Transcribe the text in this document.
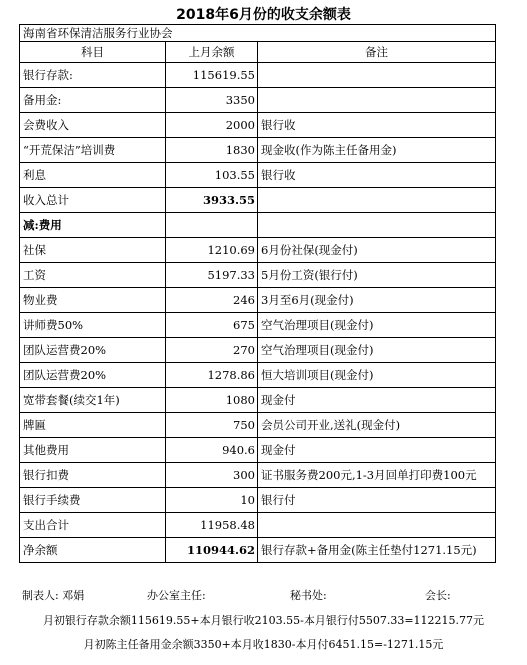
2018年6月份的收支余额表
海南省环保清洁服务行业协会		
科目	上月余额	备注
银行存款:	115619.55	
备用金:	3350	
会费收入	2000	银行收
“开荒保洁”培训费	1830	现金收(作为陈主任备用金)
利息	103.55	银行收
收入总计	3933.55	
减:费用		
社保	1210.69	6月份社保(现金付)
工资	5197.33	5月份工资(银行付)
物业费	246	3月至6月(现金付)
讲师费50%	675	空气治理项目(现金付)
团队运营费20%	270	空气治理项目(现金付)
团队运营费20%	1278.86	恒大培训项目(现金付)
宽带套餐(续交1年)	1080	现金付
牌匾	750	会员公司开业,送礼(现金付)
其他费用	940.6	现金付
银行扣费	300	证书服务费200元,1-3月回单打印费100元
银行手续费	10	银行付
支出合计	11958.48	
净余额	110944.62	银行存款+备用金(陈主任垫付1271.15元)
制表人: 邓娟	办公室主任:	秘书处:	会长:
月初银行存款余额115619.55+本月银行收2103.55-本月银行付5507.33=112215.77元
月初陈主任备用金余额3350+本月收1830-本月付6451.15=-1271.15元
